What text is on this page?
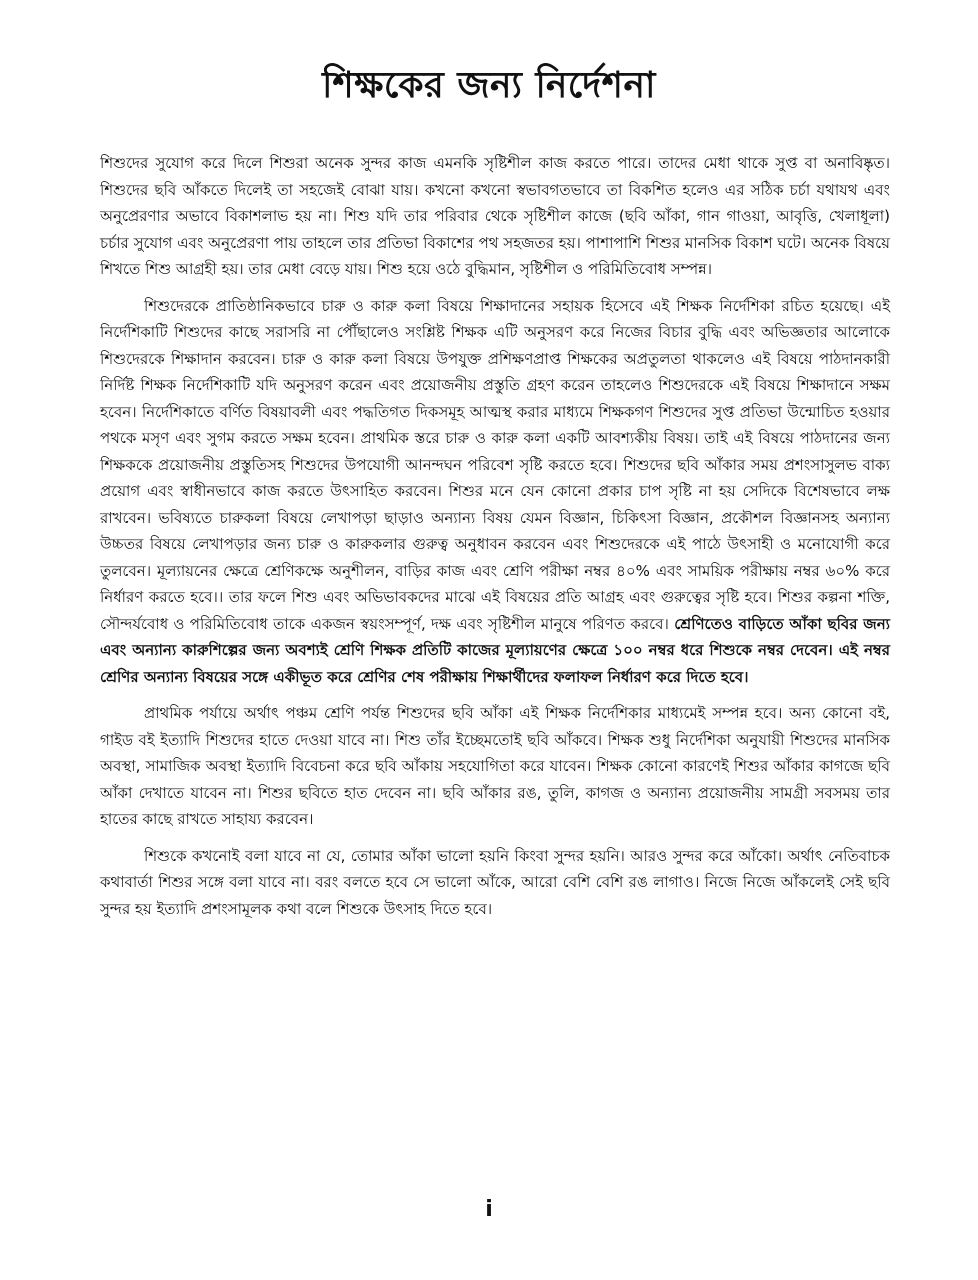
শিক্ষকের জন্য নির্দেশনা

শিশুদের সুযোগ করে দিলে শিশুরা অনেক সুন্দর কাজ এমনকি সৃষ্টিশীল কাজ করতে পারে। তাদের মেধা থাকে সুপ্ত বা অনাবিষ্কৃত। শিশুদের ছবি আঁকতে দিলেই তা সহজেই বোঝা যায়। কখনো কখনো স্বভাবগতভাবে তা বিকশিত হলেও এর সঠিক চর্চা যথাযথ এবং অনুপ্রেরণার অভাবে বিকাশলাভ হয় না। শিশু যদি তার পরিবার থেকে সৃষ্টিশীল কাজে (ছবি আঁকা, গান গাওয়া, আবৃত্তি, খেলাধূলা) চর্চার সুযোগ এবং অনুপ্রেরণা পায় তাহলে তার প্রতিভা বিকাশের পথ সহজতর হয়। পাশাপাশি শিশুর মানসিক বিকাশ ঘটে। অনেক বিষয়ে শিখতে শিশু আগ্রহী হয়। তার মেধা বেড়ে যায়। শিশু হয়ে ওঠে বুদ্ধিমান, সৃষ্টিশীল ও পরিমিতিবোধ সম্পন্ন।

শিশুদেরকে প্রাতিষ্ঠানিকভাবে চারু ও কারু কলা বিষয়ে শিক্ষাদানের সহায়ক হিসেবে এই শিক্ষক নির্দেশিকা রচিত হয়েছে। এই নির্দেশিকাটি শিশুদের কাছে সরাসরি না পৌঁছালেও সংশ্লিষ্ট শিক্ষক এটি অনুসরণ করে নিজের বিচার বুদ্ধি এবং অভিজ্ঞতার আলোকে শিশুদেরকে শিক্ষাদান করবেন। চারু ও কারু কলা বিষয়ে উপযুক্ত প্রশিক্ষণপ্রাপ্ত শিক্ষকের অপ্রতুলতা থাকলেও এই বিষয়ে পাঠদানকারী নির্দিষ্ট শিক্ষক নির্দেশিকাটি যদি অনুসরণ করেন এবং প্রয়োজনীয় প্রস্তুতি গ্রহণ করেন তাহলেও শিশুদেরকে এই বিষয়ে শিক্ষাদানে সক্ষম হবেন। নির্দেশিকাতে বর্ণিত বিষয়াবলী এবং পদ্ধতিগত দিকসমূহ আত্মস্থ করার মাধ্যমে শিক্ষকগণ শিশুদের সুপ্ত প্রতিভা উন্মোচিত হওয়ার পথকে মসৃণ এবং সুগম করতে সক্ষম হবেন। প্রাথমিক স্তরে চারু ও কারু কলা একটি আবশ্যকীয় বিষয়। তাই এই বিষয়ে পাঠদানের জন্য শিক্ষককে প্রয়োজনীয় প্রস্তুতিসহ শিশুদের উপযোগী আনন্দঘন পরিবেশ সৃষ্টি করতে হবে। শিশুদের ছবি আঁকার সময় প্রশংসাসুলভ বাক্য প্রয়োগ এবং স্বাধীনভাবে কাজ করতে উৎসাহিত করবেন। শিশুর মনে যেন কোনো প্রকার চাপ সৃষ্টি না হয় সেদিকে বিশেষভাবে লক্ষ রাখবেন। ভবিষ্যতে চারুকলা বিষয়ে লেখাপড়া ছাড়াও অন্যান্য বিষয় যেমন বিজ্ঞান, চিকিৎসা বিজ্ঞান, প্রকৌশল বিজ্ঞানসহ অন্যান্য উচ্চতর বিষয়ে লেখাপড়ার জন্য চারু ও কারুকলার গুরুত্ব অনুধাবন করবেন এবং শিশুদেরকে এই পাঠে উৎসাহী ও মনোযোগী করে তুলবেন। মূল্যায়নের ক্ষেত্রে শ্রেণিকক্ষে অনুশীলন, বাড়ির কাজ এবং শ্রেণি পরীক্ষা নম্বর ৪০% এবং সাময়িক পরীক্ষায় নম্বর ৬০% করে নির্ধারণ করতে হবে।। তার ফলে শিশু এবং অভিভাবকদের মাঝে এই বিষয়ের প্রতি আগ্রহ এবং গুরুত্বের সৃষ্টি হবে। শিশুর কল্পনা শক্তি, সৌন্দর্যবোধ ও পরিমিতিবোধ তাকে একজন স্বয়ংসম্পূর্ণ, দক্ষ এবং সৃষ্টিশীল মানুষে পরিণত করবে। শ্রেণিতেও বাড়িতে আঁকা ছবির জন্য এবং অন্যান্য কারুশিল্পের জন্য অবশ্যই শ্রেণি শিক্ষক প্রতিটি কাজের মূল্যায়ণের ক্ষেত্রে ১০০ নম্বর ধরে শিশুকে নম্বর দেবেন। এই নম্বর শ্রেণির অন্যান্য বিষয়ের সঙ্গে একীভূত করে শ্রেণির শেষ পরীক্ষায় শিক্ষার্থীদের ফলাফল নির্ধারণ করে দিতে হবে।

প্রাথমিক পর্যায়ে অর্থাৎ পঞ্চম শ্রেণি পর্যন্ত শিশুদের ছবি আঁকা এই শিক্ষক নির্দেশিকার মাধ্যমেই সম্পন্ন হবে। অন্য কোনো বই, গাইড বই ইত্যাদি শিশুদের হাতে দেওয়া যাবে না। শিশু তাঁর ইচ্ছেমতোই ছবি আঁকবে। শিক্ষক শুধু নির্দেশিকা অনুযায়ী শিশুদের মানসিক অবস্থা, সামাজিক অবস্থা ইত্যাদি বিবেচনা করে ছবি আঁকায় সহযোগিতা করে যাবেন। শিক্ষক কোনো কারণেই শিশুর আঁকার কাগজে ছবি আঁকা দেখাতে যাবেন না। শিশুর ছবিতে হাত দেবেন না। ছবি আঁকার রঙ, তুলি, কাগজ ও অন্যান্য প্রয়োজনীয় সামগ্রী সবসময় তার হাতের কাছে রাখতে সাহায্য করবেন।

শিশুকে কখনোই বলা যাবে না যে, তোমার আঁকা ভালো হয়নি কিংবা সুন্দর হয়নি। আরও সুন্দর করে আঁকো। অর্থাৎ নেতিবাচক কথাবার্তা শিশুর সঙ্গে বলা যাবে না। বরং বলতে হবে সে ভালো আঁকে, আরো বেশি বেশি রঙ লাগাও। নিজে নিজে আঁকলেই সেই ছবি সুন্দর হয় ইত্যাদি প্রশংসামূলক কথা বলে শিশুকে উৎসাহ দিতে হবে।

i
